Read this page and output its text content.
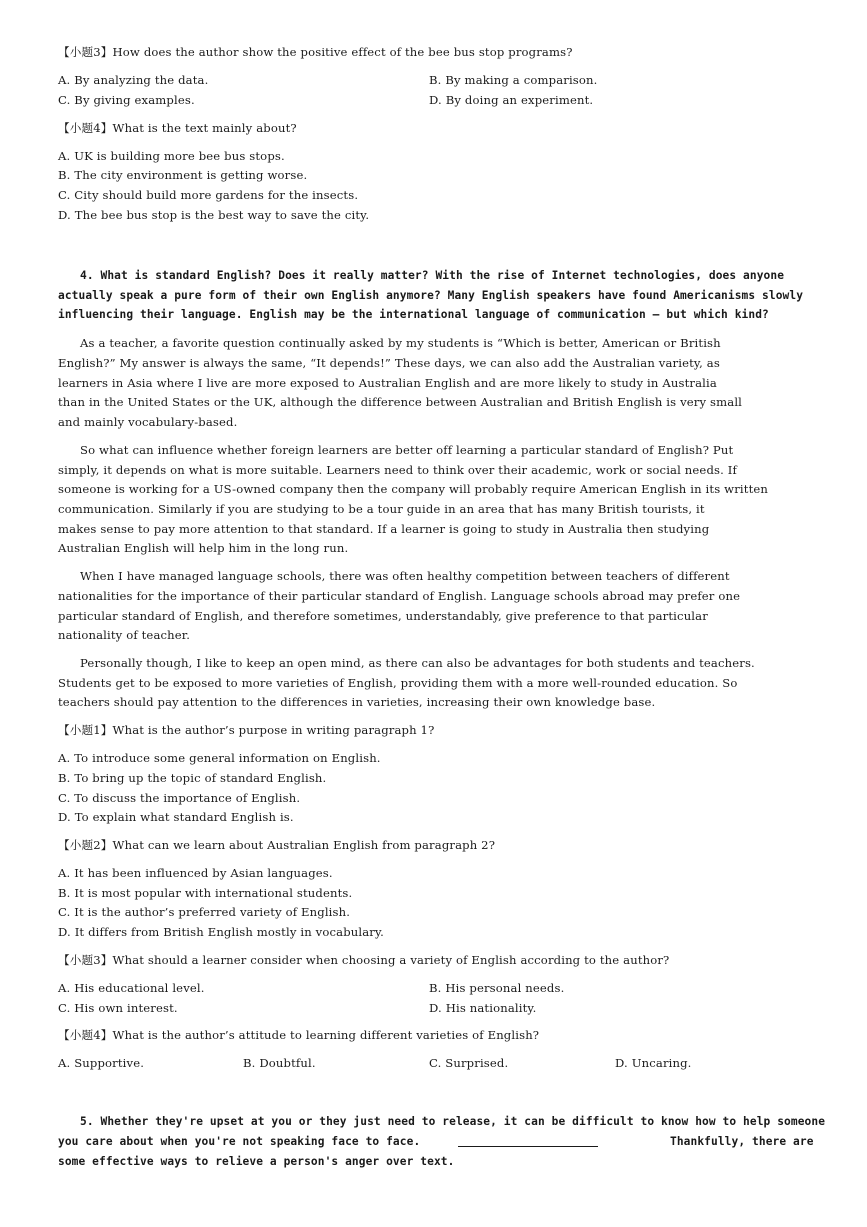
【小题3】How does the author show the positive effect of the bee bus stop programs?
A. By analyzing the data.	B. By making a comparison.
C. By giving examples.	D. By doing an experiment.
【小题4】What is the text mainly about?
A. UK is building more bee bus stops.
B. The city environment is getting worse.
C. City should build more gardens for the insects.
D. The bee bus stop is the best way to save the city.
4. What is standard English? Does it really matter? With the rise of Internet technologies, does anyone
actually speak a pure form of their own English anymore? Many English speakers have found Americanisms slowly
influencing their language. English may be the international language of communication — but which kind?
As a teacher, a favorite question continually asked by my students is “Which is better, American or British
English?” My answer is always the same, “It depends!” These days, we can also add the Australian variety, as
learners in Asia where I live are more exposed to Australian English and are more likely to study in Australia
than in the United States or the UK, although the difference between Australian and British English is very small
and mainly vocabulary-based.
So what can influence whether foreign learners are better off learning a particular standard of English? Put
simply, it depends on what is more suitable. Learners need to think over their academic, work or social needs. If
someone is working for a US-owned company then the company will probably require American English in its written
communication. Similarly if you are studying to be a tour guide in an area that has many British tourists, it
makes sense to pay more attention to that standard. If a learner is going to study in Australia then studying
Australian English will help him in the long run.
When I have managed language schools, there was often healthy competition between teachers of different
nationalities for the importance of their particular standard of English. Language schools abroad may prefer one
particular standard of English, and therefore sometimes, understandably, give preference to that particular
nationality of teacher.
Personally though, I like to keep an open mind, as there can also be advantages for both students and teachers.
Students get to be exposed to more varieties of English, providing them with a more well-rounded education. So
teachers should pay attention to the differences in varieties, increasing their own knowledge base.
【小题1】What is the author’s purpose in writing paragraph 1?
A. To introduce some general information on English.
B. To bring up the topic of standard English.
C. To discuss the importance of English.
D. To explain what standard English is.
【小题2】What can we learn about Australian English from paragraph 2?
A. It has been influenced by Asian languages.
B. It is most popular with international students.
C. It is the author’s preferred variety of English.
D. It differs from British English mostly in vocabulary.
【小题3】What should a learner consider when choosing a variety of English according to the author?
A. His educational level.	B. His personal needs.
C. His own interest.	D. His nationality.
【小题4】What is the author’s attitude to learning different varieties of English?
A. Supportive.	B. Doubtful.	C. Surprised.	D. Uncaring.
5. Whether they're upset at you or they just need to release, it can be difficult to know how to help someone
you care about when you're not speaking face to face.	Thankfully, there are
some effective ways to relieve a person's anger over text.
